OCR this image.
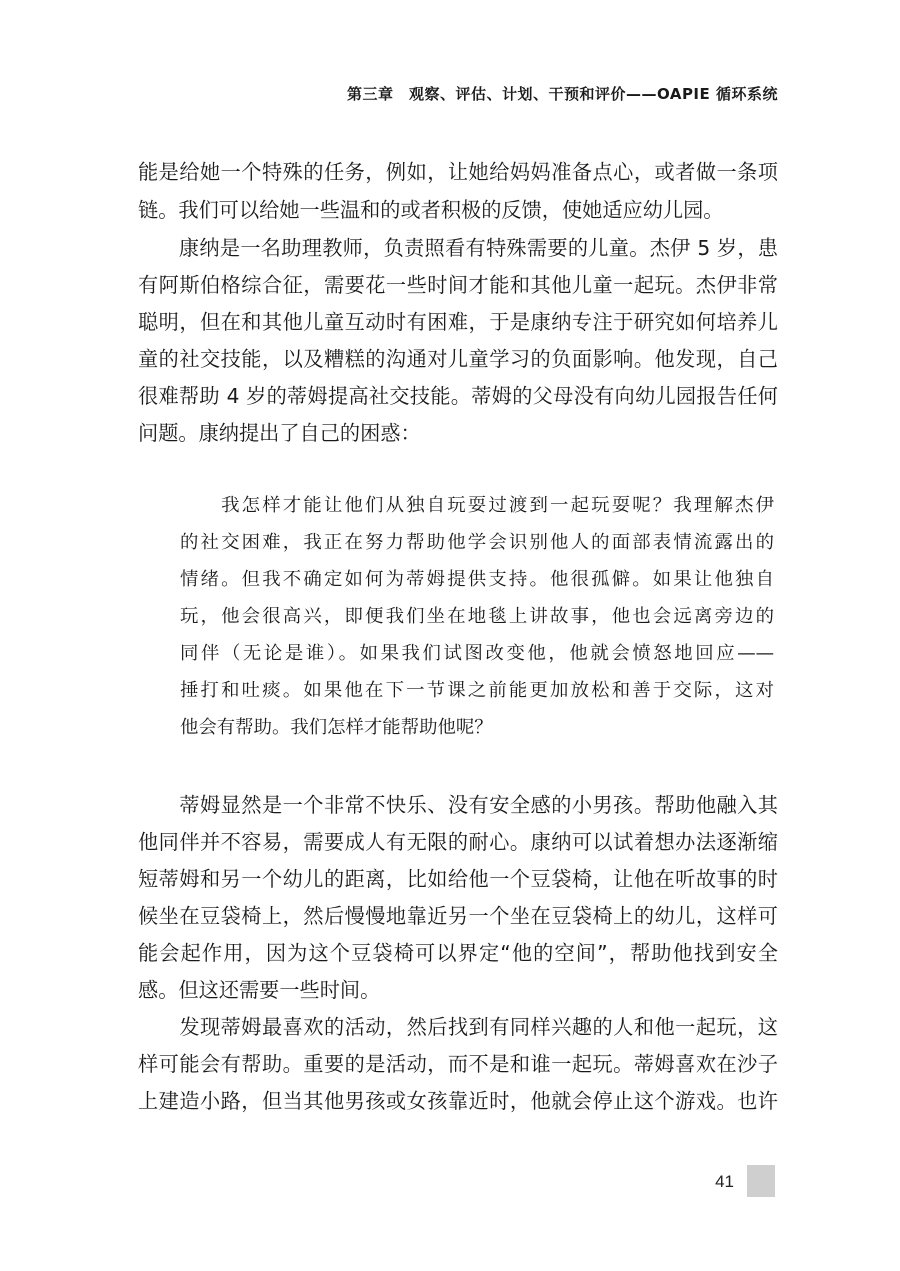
第三章　观察、评估、计划、干预和评价——OAPIE 循环系统
能是给她一个特殊的任务，例如，让她给妈妈准备点心，或者做一条项
链。我们可以给她一些温和的或者积极的反馈，使她适应幼儿园。
　　康纳是一名助理教师，负责照看有特殊需要的儿童。杰伊 5 岁，患
有阿斯伯格综合征，需要花一些时间才能和其他儿童一起玩。杰伊非常
聪明，但在和其他儿童互动时有困难，于是康纳专注于研究如何培养儿
童的社交技能，以及糟糕的沟通对儿童学习的负面影响。他发现，自己
很难帮助 4 岁的蒂姆提高社交技能。蒂姆的父母没有向幼儿园报告任何
问题。康纳提出了自己的困惑：
　　我怎样才能让他们从独自玩耍过渡到一起玩耍呢？我理解杰伊
的社交困难，我正在努力帮助他学会识别他人的面部表情流露出的
情绪。但我不确定如何为蒂姆提供支持。他很孤僻。如果让他独自
玩，他会很高兴，即便我们坐在地毯上讲故事，他也会远离旁边的
同伴（无论是谁）。如果我们试图改变他，他就会愤怒地回应——
捶打和吐痰。如果他在下一节课之前能更加放松和善于交际，这对
他会有帮助。我们怎样才能帮助他呢？
　　蒂姆显然是一个非常不快乐、没有安全感的小男孩。帮助他融入其
他同伴并不容易，需要成人有无限的耐心。康纳可以试着想办法逐渐缩
短蒂姆和另一个幼儿的距离，比如给他一个豆袋椅，让他在听故事的时
候坐在豆袋椅上，然后慢慢地靠近另一个坐在豆袋椅上的幼儿，这样可
能会起作用，因为这个豆袋椅可以界定“他的空间”，帮助他找到安全
感。但这还需要一些时间。
　　发现蒂姆最喜欢的活动，然后找到有同样兴趣的人和他一起玩，这
样可能会有帮助。重要的是活动，而不是和谁一起玩。蒂姆喜欢在沙子
上建造小路，但当其他男孩或女孩靠近时，他就会停止这个游戏。也许
41
